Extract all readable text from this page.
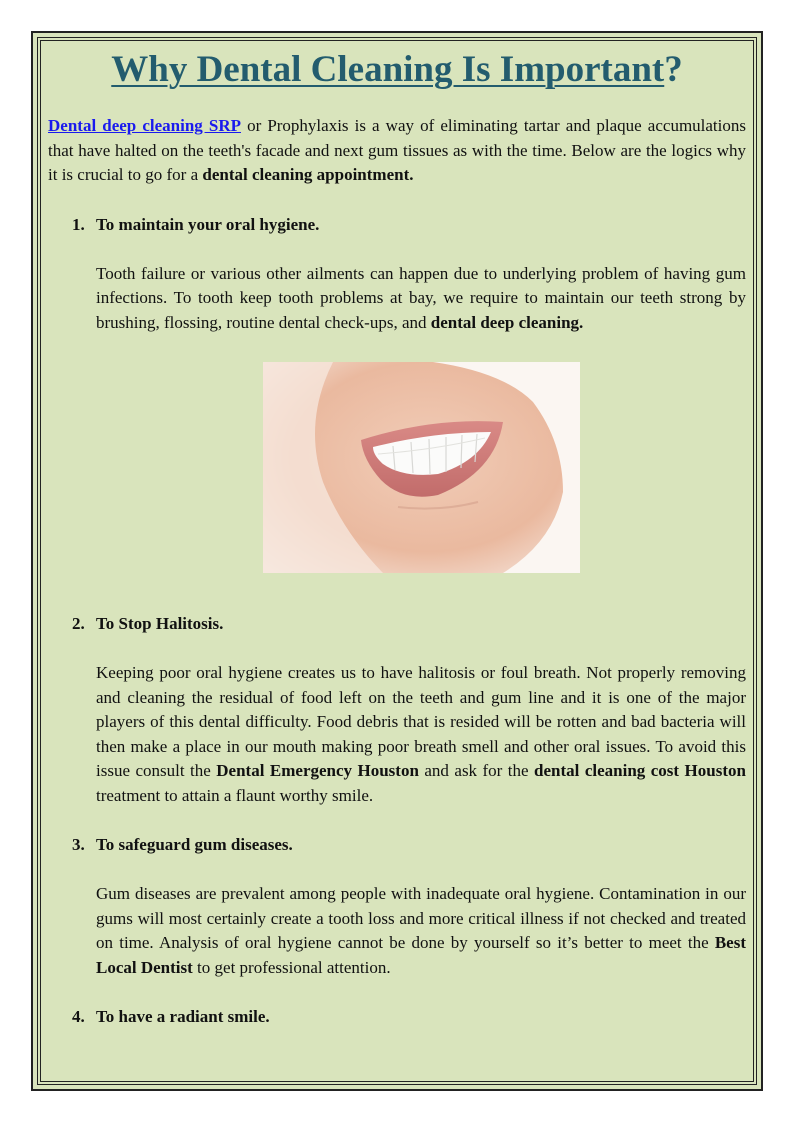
Why Dental Cleaning Is Important?

Dental deep cleaning SRP or Prophylaxis is a way of eliminating tartar and plaque accumulations that have halted on the teeth's facade and next gum tissues as with the time. Below are the logics why it is crucial to go for a dental cleaning appointment.

1. To maintain your oral hygiene.

Tooth failure or various other ailments can happen due to underlying problem of having gum infections. To tooth keep tooth problems at bay, we require to maintain our teeth strong by brushing, flossing, routine dental check-ups, and dental deep cleaning.

2. To Stop Halitosis.

Keeping poor oral hygiene creates us to have halitosis or foul breath. Not properly removing and cleaning the residual of food left on the teeth and gum line and it is one of the major players of this dental difficulty. Food debris that is resided will be rotten and bad bacteria will then make a place in our mouth making poor breath smell and other oral issues. To avoid this issue consult the Dental Emergency Houston and ask for the dental cleaning cost Houston treatment to attain a flaunt worthy smile.

3. To safeguard gum diseases.

Gum diseases are prevalent among people with inadequate oral hygiene. Contamination in our gums will most certainly create a tooth loss and more critical illness if not checked and treated on time. Analysis of oral hygiene cannot be done by yourself so it’s better to meet the Best Local Dentist to get professional attention.

4. To have a radiant smile.
